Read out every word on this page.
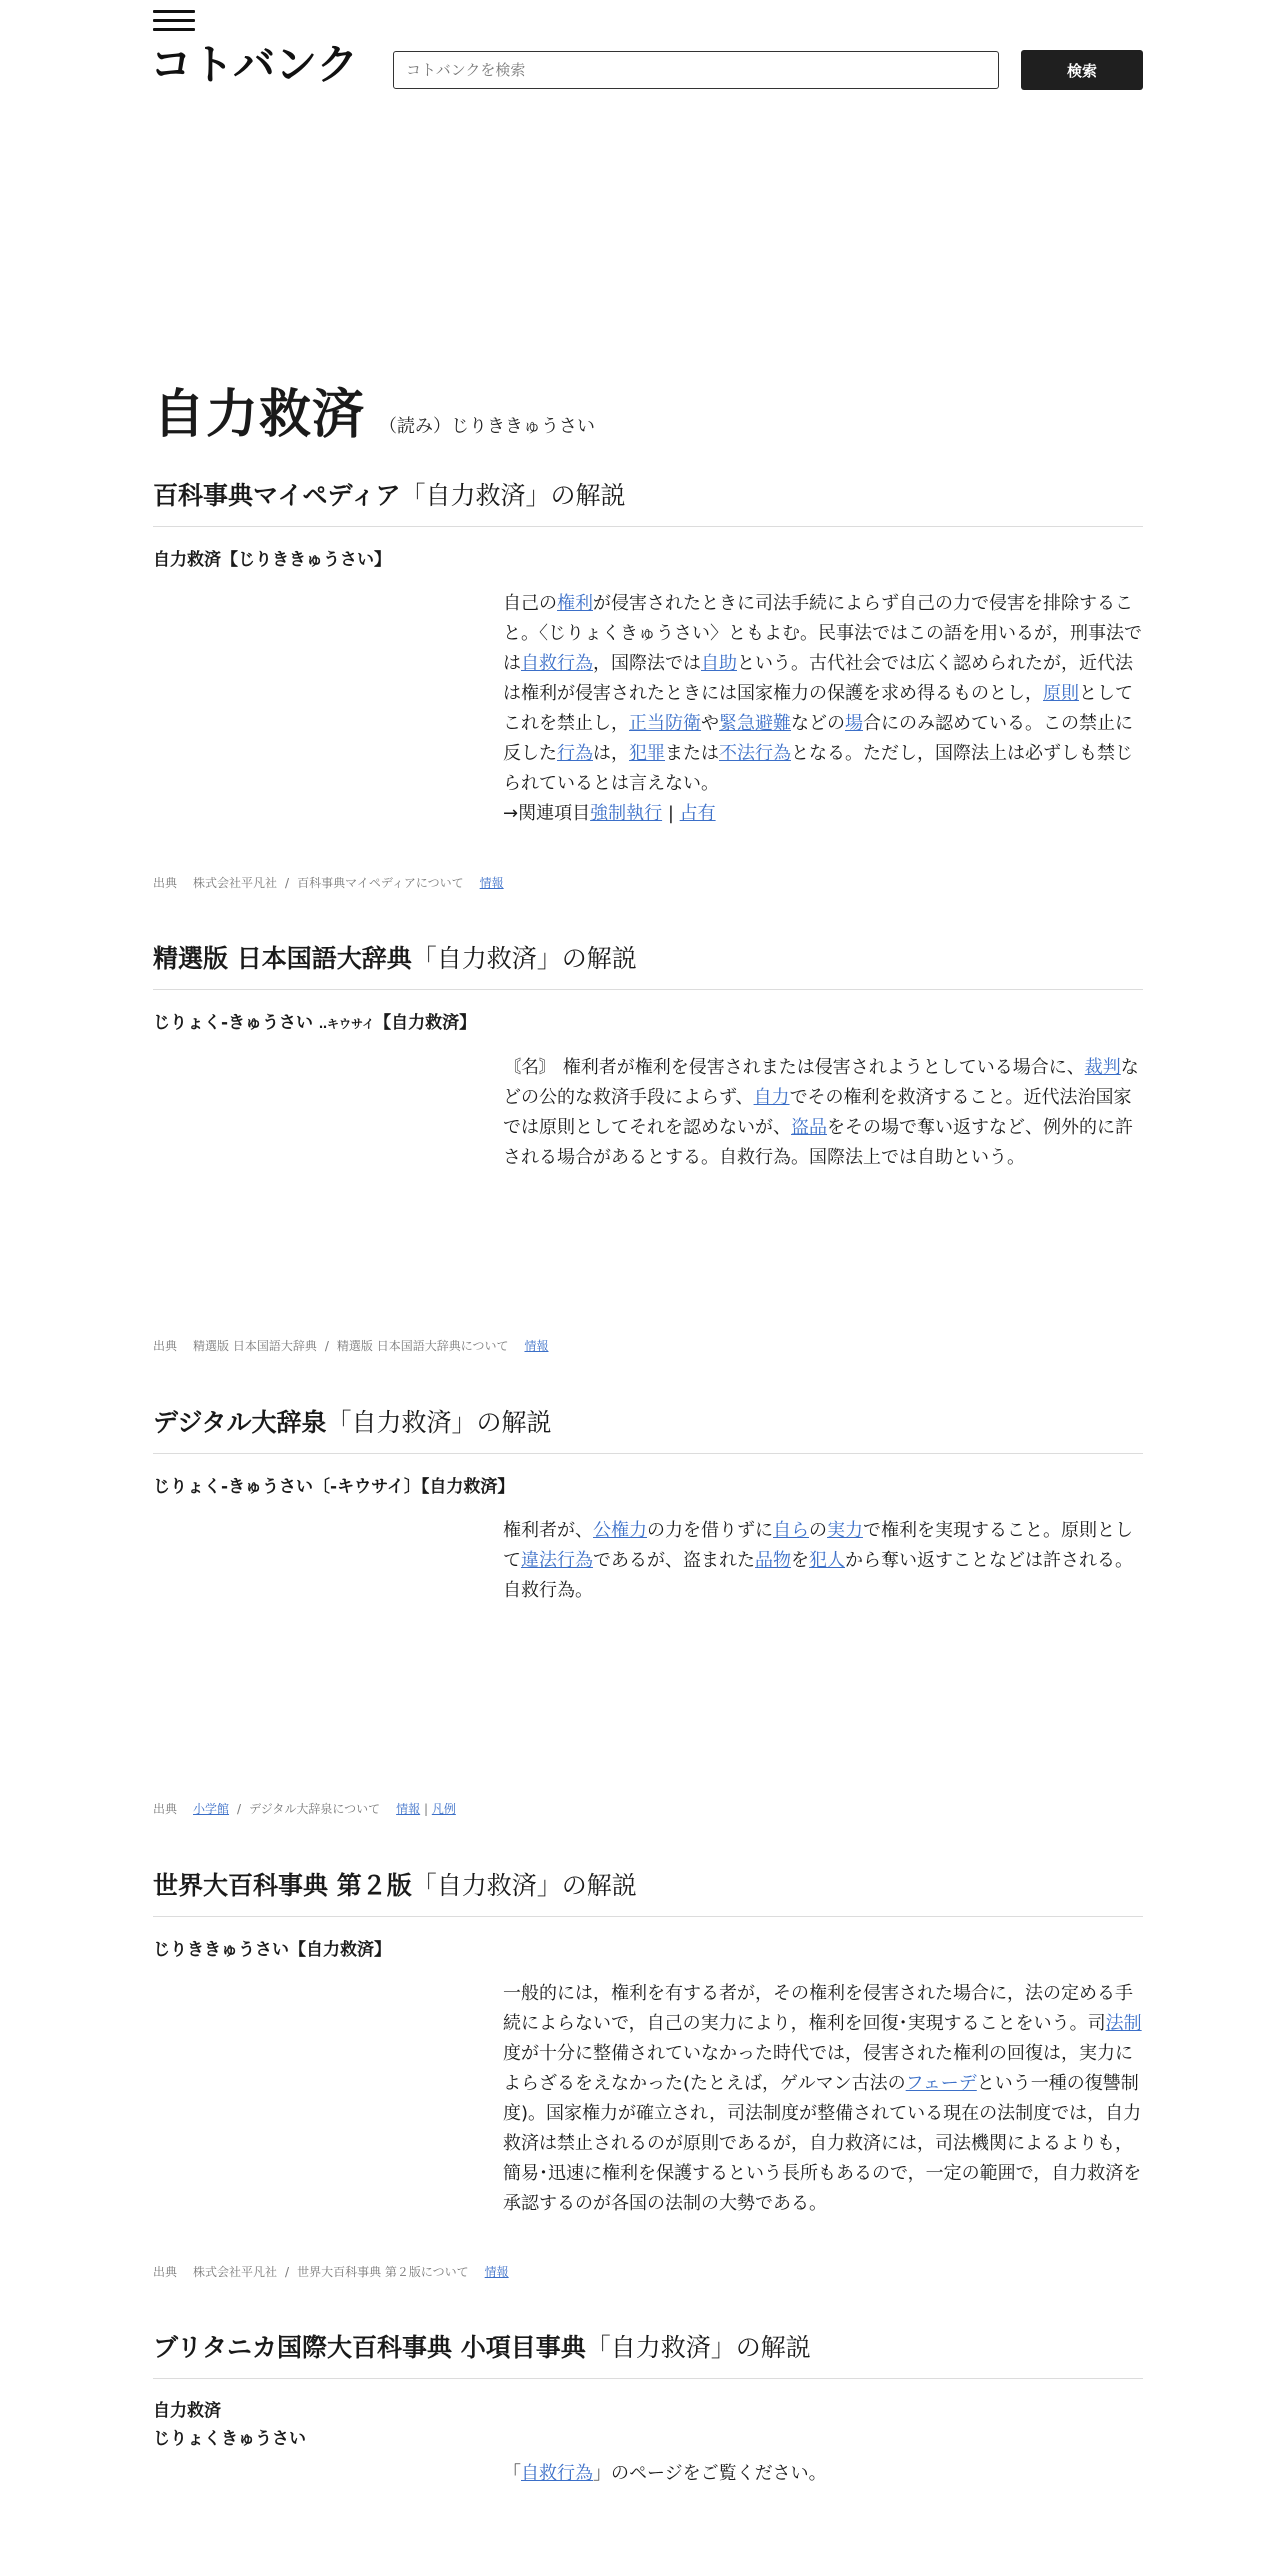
コトバンク
コトバンクを検索	検索
自力救済 （読み）じりききゅうさい
百科事典マイペディア「自力救済」の解説
自力救済【じりききゅうさい】
自己の権利が侵害されたときに司法手続によらず自己の力で侵害を排除すること。〈じりょくきゅうさい〉ともよむ。民事法ではこの語を用いるが，刑事法では自救行為，国際法では自助という。古代社会では広く認められたが，近代法は権利が侵害されたときには国家権力の保護を求め得るものとし，原則としてこれを禁止し，正当防衛や緊急避難などの場合にのみ認めている。この禁止に反した行為は，犯罪または不法行為となる。ただし，国際法上は必ずしも禁じられているとは言えない。
→関連項目強制執行 | 占有
出典 株式会社平凡社 / 百科事典マイペディアについて 情報
精選版 日本国語大辞典「自力救済」の解説
じりょく‐きゅうさい ‥キウサイ【自力救済】
〘名〙 権利者が権利を侵害されまたは侵害されようとしている場合に、裁判などの公的な救済手段によらず、自力でその権利を救済すること。近代法治国家では原則としてそれを認めないが、盗品をその場で奪い返すなど、例外的に許される場合があるとする。自救行為。国際法上では自助という。
出典 精選版 日本国語大辞典 / 精選版 日本国語大辞典について 情報
デジタル大辞泉「自力救済」の解説
じりょく‐きゅうさい〔‐キウサイ〕【自力救済】
権利者が、公権力の力を借りずに自らの実力で権利を実現すること。原則として違法行為であるが、盗まれた品物を犯人から奪い返すことなどは許される。自救行為。
出典 小学館 / デジタル大辞泉について 情報 | 凡例
世界大百科事典 第２版「自力救済」の解説
じりききゅうさい【自力救済】
一般的には，権利を有する者が，その権利を侵害された場合に，法の定める手続によらないで，自己の実力により，権利を回復･実現することをいう。司法制度が十分に整備されていなかった時代では，侵害された権利の回復は，実力によらざるをえなかった(たとえば，ゲルマン古法のフェーデという一種の復讐制度)。国家権力が確立され，司法制度が整備されている現在の法制度では，自力救済は禁止されるのが原則であるが，自力救済には，司法機関によるよりも，簡易･迅速に権利を保護するという長所もあるので，一定の範囲で，自力救済を承認するのが各国の法制の大勢である。
出典 株式会社平凡社 / 世界大百科事典 第２版について 情報
ブリタニカ国際大百科事典 小項目事典「自力救済」の解説
自力救済
じりょくきゅうさい
「自救行為」のページをご覧ください。
